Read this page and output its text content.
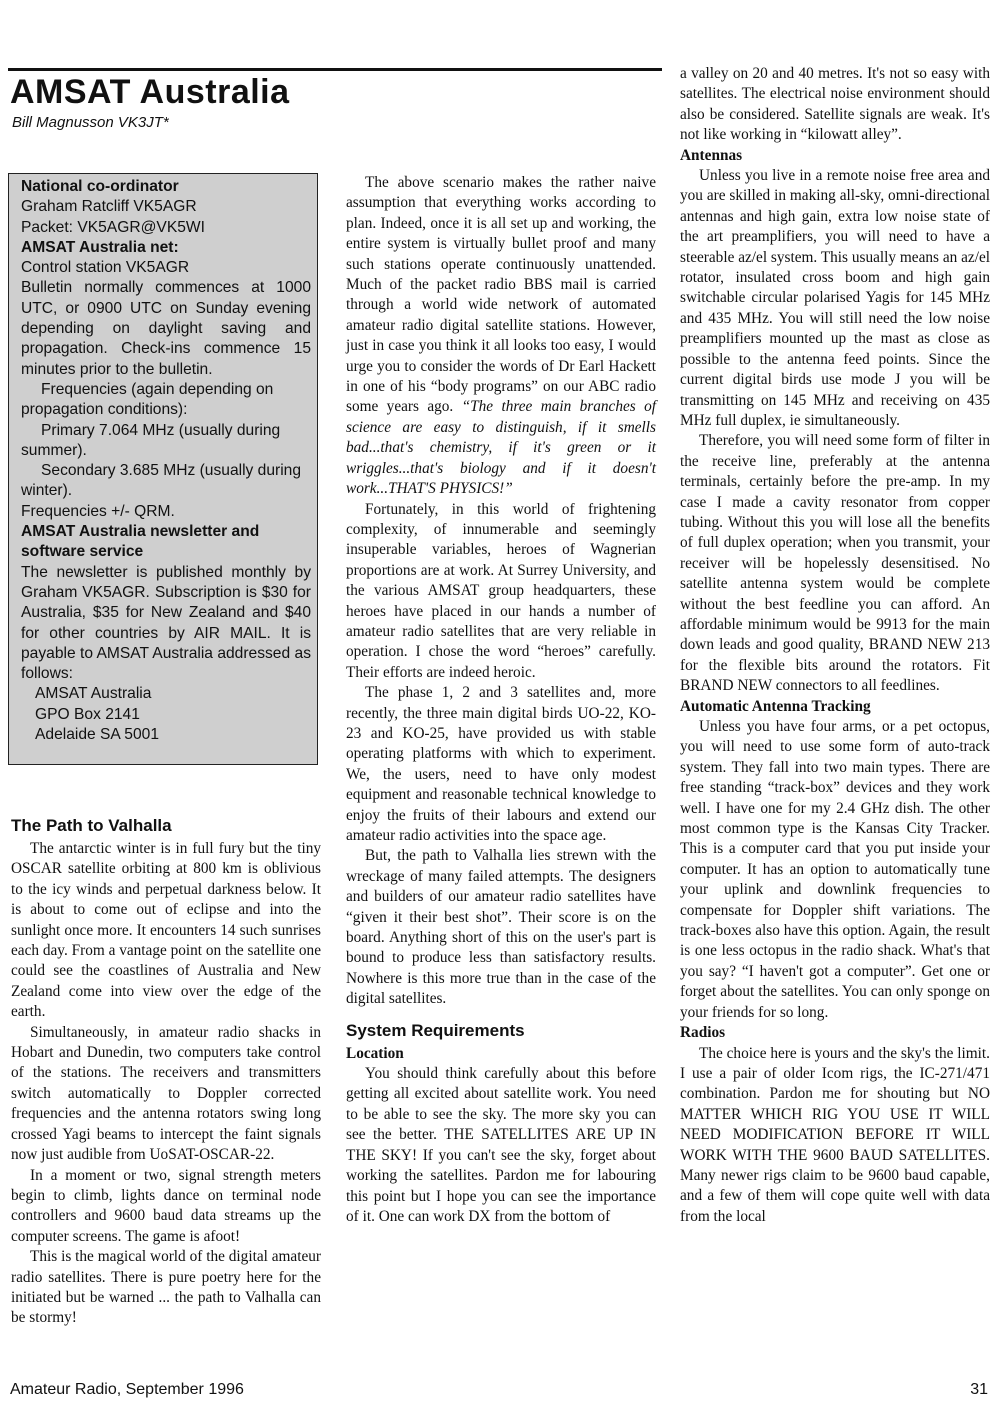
AMSAT Australia

Bill Magnusson VK3JT*

National co-ordinator

Graham Ratcliff VK5AGR

Packet: VK5AGR@VK5WI

AMSAT Australia net:

Control station VK5AGR

Bulletin normally commences at 1000 UTC, or 0900 UTC on Sunday evening depending on daylight saving and propagation. Check-ins commence 15 minutes prior to the bulletin.

Frequencies (again depending on propagation conditions):

Primary 7.064 MHz (usually during summer).

Secondary 3.685 MHz (usually during winter).

Frequencies +/- QRM.

AMSAT Australia newsletter and software service

The newsletter is published monthly by Graham VK5AGR. Subscription is $30 for Australia, $35 for New Zealand and $40 for other countries by AIR MAIL. It is payable to AMSAT Australia addressed as follows:

AMSAT Australia

GPO Box 2141

Adelaide SA 5001

The Path to Valhalla

The antarctic winter is in full fury but the tiny OSCAR satellite orbiting at 800 km is oblivious to the icy winds and perpetual darkness below. It is about to come out of eclipse and into the sunlight once more. It encounters 14 such sunrises each day. From a vantage point on the satellite one could see the coastlines of Australia and New Zealand come into view over the edge of the earth.

Simultaneously, in amateur radio shacks in Hobart and Dunedin, two computers take control of the stations. The receivers and transmitters switch automatically to Doppler corrected frequencies and the antenna rotators swing long crossed Yagi beams to intercept the faint signals now just audible from UoSAT-OSCAR-22.

In a moment or two, signal strength meters begin to climb, lights dance on terminal node controllers and 9600 baud data streams up the computer screens. The game is afoot!

This is the magical world of the digital amateur radio satellites. There is pure poetry here for the initiated but be warned ... the path to Valhalla can be stormy!

The above scenario makes the rather naive assumption that everything works according to plan. Indeed, once it is all set up and working, the entire system is virtually bullet proof and many such stations operate continuously unattended. Much of the packet radio BBS mail is carried through a world wide network of automated amateur radio digital satellite stations. However, just in case you think it all looks too easy, I would urge you to consider the words of Dr Earl Hackett in one of his “body programs” on our ABC radio some years ago. “The three main branches of science are easy to distinguish, if it smells bad...that's chemistry, if it's green or it wriggles...that's biology and if it doesn't work...THAT'S PHYSICS!”

Fortunately, in this world of frightening complexity, of innumerable and seemingly insuperable variables, heroes of Wagnerian proportions are at work. At Surrey University, and the various AMSAT group headquarters, these heroes have placed in our hands a number of amateur radio satellites that are very reliable in operation. I chose the word “heroes” carefully. Their efforts are indeed heroic.

The phase 1, 2 and 3 satellites and, more recently, the three main digital birds UO-22, KO-23 and KO-25, have provided us with stable operating platforms with which to experiment. We, the users, need to have only modest equipment and reasonable technical knowledge to enjoy the fruits of their labours and extend our amateur radio activities into the space age.

But, the path to Valhalla lies strewn with the wreckage of many failed attempts. The designers and builders of our amateur radio satellites have “given it their best shot”. Their score is on the board. Anything short of this on the user's part is bound to produce less than satisfactory results. Nowhere is this more true than in the case of the digital satellites.

System Requirements

Location

You should think carefully about this before getting all excited about satellite work. You need to be able to see the sky. The more sky you can see the better. THE SATELLITES ARE UP IN THE SKY! If you can't see the sky, forget about working the satellites. Pardon me for labouring this point but I hope you can see the importance of it. One can work DX from the bottom of

a valley on 20 and 40 metres. It's not so easy with satellites. The electrical noise environment should also be considered. Satellite signals are weak. It's not like working in “kilowatt alley”.

Antennas

Unless you live in a remote noise free area and you are skilled in making all-sky, omni-directional antennas and high gain, extra low noise state of the art preamplifiers, you will need to have a steerable az/el system. This usually means an az/el rotator, insulated cross boom and high gain switchable circular polarised Yagis for 145 MHz and 435 MHz. You will still need the low noise preamplifiers mounted up the mast as close as possible to the antenna feed points. Since the current digital birds use mode J you will be transmitting on 145 MHz and receiving on 435 MHz full duplex, ie simultaneously.

Therefore, you will need some form of filter in the receive line, preferably at the antenna terminals, certainly before the pre-amp. In my case I made a cavity resonator from copper tubing. Without this you will lose all the benefits of full duplex operation; when you transmit, your receiver will be hopelessly desensitised. No satellite antenna system would be complete without the best feedline you can afford. An affordable minimum would be 9913 for the main down leads and good quality, BRAND NEW 213 for the flexible bits around the rotators. Fit BRAND NEW connectors to all feedlines.

Automatic Antenna Tracking

Unless you have four arms, or a pet octopus, you will need to use some form of auto-track system. They fall into two main types. There are free standing “track-box” devices and they work well. I have one for my 2.4 GHz dish. The other most common type is the Kansas City Tracker. This is a computer card that you put inside your computer. It has an option to automatically tune your uplink and downlink frequencies to compensate for Doppler shift variations. The track-boxes also have this option. Again, the result is one less octopus in the radio shack. What's that you say? “I haven't got a computer”. Get one or forget about the satellites. You can only sponge on your friends for so long.

Radios

The choice here is yours and the sky's the limit. I use a pair of older Icom rigs, the IC-271/471 combination. Pardon me for shouting but NO MATTER WHICH RIG YOU USE IT WILL NEED MODIFICATION BEFORE IT WILL WORK WITH THE 9600 BAUD SATELLITES. Many newer rigs claim to be 9600 baud capable, and a few of them will cope quite well with data from the local

Amateur Radio, September 1996	31
